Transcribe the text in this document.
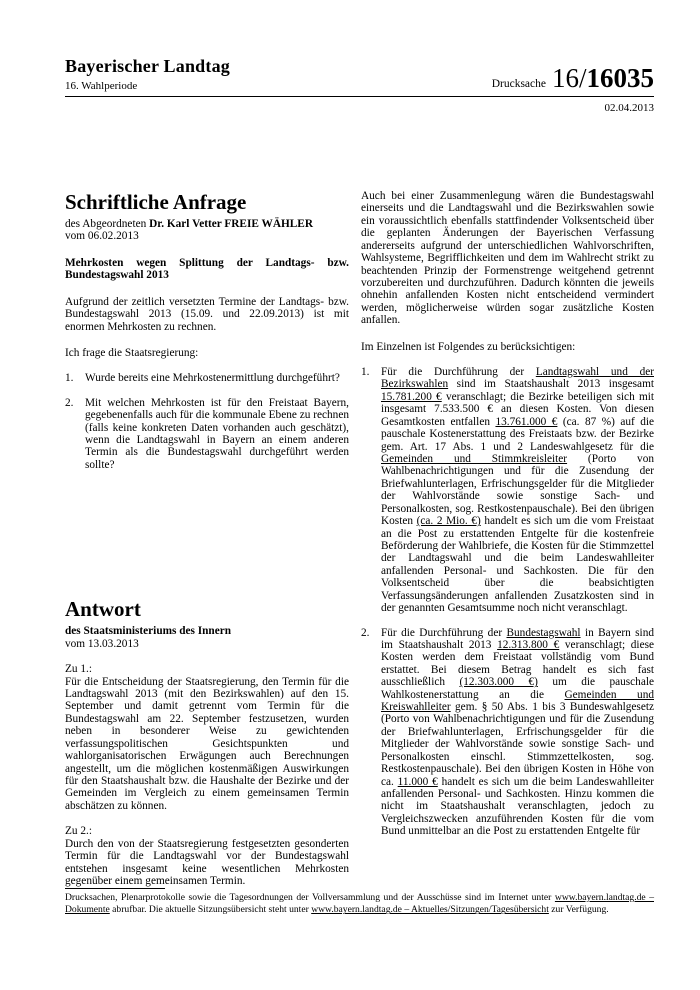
Bayerischer Landtag
16. Wahlperiode	Drucksache 16/16035
02.04.2013
Schriftliche Anfrage
des Abgeordneten Dr. Karl Vetter FREIE WÄHLER
vom 06.02.2013
Mehrkosten wegen Splittung der Landtags- bzw. Bundestagswahl 2013
Aufgrund der zeitlich versetzten Termine der Landtags- bzw. Bundestagswahl 2013 (15.09. und 22.09.2013) ist mit enormen Mehrkosten zu rechnen.
Ich frage die Staatsregierung:
1.	Wurde bereits eine Mehrkostenermittlung durchgeführt?
2.	Mit welchen Mehrkosten ist für den Freistaat Bayern, gegebenenfalls auch für die kommunale Ebene zu rechnen (falls keine konkreten Daten vorhanden auch geschätzt), wenn die Landtagswahl in Bayern an einem anderen Termin als die Bundestagswahl durchgeführt werden sollte?
Antwort
des Staatsministeriums des Innern
vom 13.03.2013
Zu 1.:
Für die Entscheidung der Staatsregierung, den Termin für die Landtagswahl 2013 (mit den Bezirkswahlen) auf den 15. September und damit getrennt vom Termin für die Bundestagswahl am 22. September festzusetzen, wurden neben in besonderer Weise zu gewichtenden verfassungspolitischen Gesichtspunkten und wahlorganisatorischen Erwägungen auch Berechnungen angestellt, um die möglichen kostenmäßigen Auswirkungen für den Staatshaushalt bzw. die Haushalte der Bezirke und der Gemeinden im Vergleich zu einem gemeinsamen Termin abschätzen zu können.
Zu 2.:
Durch den von der Staatsregierung festgesetzten gesonderten Termin für die Landtagswahl vor der Bundestagswahl entstehen insgesamt keine wesentlichen Mehrkosten gegenüber einem gemeinsamen Termin.
Auch bei einer Zusammenlegung wären die Bundestagswahl einerseits und die Landtagswahl und die Bezirkswahlen sowie ein voraussichtlich ebenfalls stattfindender Volksentscheid über die geplanten Änderungen der Bayerischen Verfassung andererseits aufgrund der unterschiedlichen Wahlvorschriften, Wahlsysteme, Begrifflichkeiten und dem im Wahlrecht strikt zu beachtenden Prinzip der Formenstrenge weitgehend getrennt vorzubereiten und durchzuführen. Dadurch könnten die jeweils ohnehin anfallenden Kosten nicht entscheidend vermindert werden, möglicherweise würden sogar zusätzliche Kosten anfallen.
Im Einzelnen ist Folgendes zu berücksichtigen:
1.	Für die Durchführung der Landtagswahl und der Bezirkswahlen sind im Staatshaushalt 2013 insgesamt 15.781.200 € veranschlagt; die Bezirke beteiligen sich mit insgesamt 7.533.500 € an diesen Kosten. Von diesen Gesamtkosten entfallen 13.761.000 € (ca. 87 %) auf die pauschale Kostenerstattung des Freistaats bzw. der Bezirke gem. Art. 17 Abs. 1 und 2 Landeswahlgesetz für die Gemeinden und Stimmkreisleiter (Porto von Wahlbenachrichtigungen und für die Zusendung der Briefwahlunterlagen, Erfrischungsgelder für die Mitglieder der Wahlvorstände sowie sonstige Sach- und Personalkosten, sog. Restkostenpauschale). Bei den übrigen Kosten (ca. 2 Mio. €) handelt es sich um die vom Freistaat an die Post zu erstattenden Entgelte für die kostenfreie Beförderung der Wahlbriefe, die Kosten für die Stimmzettel der Landtagswahl und die beim Landeswahlleiter anfallenden Personal- und Sachkosten. Die für den Volksentscheid über die beabsichtigten Verfassungsänderungen anfallenden Zusatzkosten sind in der genannten Gesamtsumme noch nicht veranschlagt.
2.	Für die Durchführung der Bundestagswahl in Bayern sind im Staatshaushalt 2013 12.313.800 € veranschlagt; diese Kosten werden dem Freistaat vollständig vom Bund erstattet. Bei diesem Betrag handelt es sich fast ausschließlich (12.303.000 €) um die pauschale Wahlkostenerstattung an die Gemeinden und Kreiswahlleiter gem. § 50 Abs. 1 bis 3 Bundeswahlgesetz (Porto von Wahlbenachrichtigungen und für die Zusendung der Briefwahlunterlagen, Erfrischungsgelder für die Mitglieder der Wahlvorstände sowie sonstige Sach- und Personalkosten einschl. Stimmzettelkosten, sog. Restkostenpauschale). Bei den übrigen Kosten in Höhe von ca. 11.000 € handelt es sich um die beim Landeswahlleiter anfallenden Personal- und Sachkosten. Hinzu kommen die nicht im Staatshaushalt veranschlagten, jedoch zu Vergleichszwecken anzuführenden Kosten für die vom Bund unmittelbar an die Post zu erstattenden Entgelte für
Drucksachen, Plenarprotokolle sowie die Tagesordnungen der Vollversammlung und der Ausschüsse sind im Internet unter www.bayern.landtag.de – Dokumente abrufbar. Die aktuelle Sitzungsübersicht steht unter www.bayern.landtag.de – Aktuelles/Sitzungen/Tagesübersicht zur Verfügung.
